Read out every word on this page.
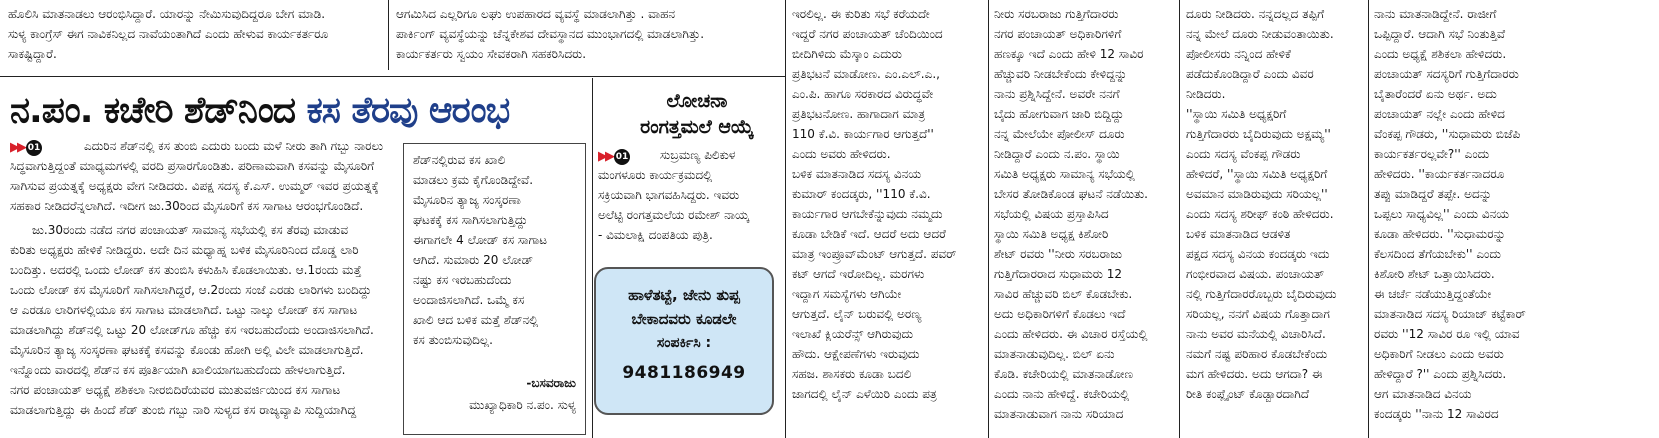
ಹೊಲಿಸಿ ಮಾತನಾಡಲು ಆರಂಭಿಸಿದ್ದಾರೆ. ಯಾರನ್ನು ನೇಮಿಸುವುದಿದ್ದರೂ ಬೇಗ ಮಾಡಿ.
ಸುಳ್ಯ ಕಾಂಗ್ರೆಸ್ ಈಗ ನಾವಿಕನಿಲ್ಲದ ನಾವೆಯಂತಾಗಿದೆ ಎಂದು ಹೇಳುವ ಕಾರ್ಯಕರ್ತರೂ
ಸಾಕಷ್ಟಿದ್ದಾರೆ.

ಆಗಮಿಸಿದ ಎಲ್ಲರಿಗೂ ಲಘು ಉಪಹಾರದ ವ್ಯವಸ್ಥೆ ಮಾಡಲಾಗಿತ್ತು . ವಾಹನ
ಪಾರ್ಕಿಂಗ್ ವ್ಯವಸ್ಥೆಯನ್ನು ಚೆನ್ನಕೇಶವ ದೇವಸ್ಥಾನದ ಮುಂಭಾಗದಲ್ಲಿ ಮಾಡಲಾಗಿತ್ತು.
ಕಾರ್ಯಕರ್ತರು ಸ್ವಯಂ ಸೇವಕರಾಗಿ ಸಹಕರಿಸಿದರು.

ನ.ಪಂ. ಕಚೇರಿ ಶೆಡ್‌ನಿಂದ ಕಸ ತೆರವು ಆರಂಭ
▶▶ 01	ಎದುರಿನ ಶೆಡ್‌ನಲ್ಲಿ ಕಸ ತುಂಬಿ ಎದುರು ಬಂದು ಮಳೆ ನೀರು ತಾಗಿ ಗಬ್ಬು ನಾರಲು
ಸಿದ್ಧವಾಗುತ್ತಿದ್ದಂತೆ ಮಾಧ್ಯಮಗಳಲ್ಲಿ ವರದಿ ಪ್ರಸಾರಗೊಂಡಿತು. ಪರಿಣಾಮವಾಗಿ ಕಸವನ್ನು ಮೈಸೂರಿಗೆ
ಸಾಗಿಸುವ ಪ್ರಯತ್ನಕ್ಕೆ ಅಧ್ಯಕ್ಷರು ವೇಗ ನೀಡಿದರು. ವಿಪಕ್ಷ ಸದಸ್ಯ ಕೆ.ಎಸ್. ಉಮ್ಮರ್ ಇವರ ಪ್ರಯತ್ನಕ್ಕೆ
ಸಹಕಾರ ನೀಡಿದರೆನ್ನಲಾಗಿದೆ. ಇದೀಗ ಜು.30ರಿಂದ ಮೈಸೂರಿಗೆ ಕಸ ಸಾಗಾಟ ಆರಂಭಗೊಂಡಿದೆ.

ಜು.30ರಂದು ನಡೆದ ನಗರ ಪಂಚಾಯತ್ ಸಾಮಾನ್ಯ ಸಭೆಯಲ್ಲಿ ಕಸ ತೆರವು ಮಾಡುವ
ಕುರಿತು ಅಧ್ಯಕ್ಷರು ಹೇಳಿಕೆ ನೀಡಿದ್ದರು. ಅದೇ ದಿನ ಮಧ್ಯಾಹ್ನ ಬಳಿಕ ಮೈಸೂರಿನಿಂದ ದೊಡ್ಡ ಲಾರಿ
ಬಂದಿತ್ತು. ಅದರಲ್ಲಿ ಒಂದು ಲೋಡ್ ಕಸ ತುಂಬಿಸಿ ಕಳುಹಿಸಿ ಕೊಡಲಾಯಿತು. ಆ.1ರಂದು ಮತ್ತೆ
ಒಂದು ಲೋಡ್ ಕಸ ಮೈಸೂರಿಗೆ ಸಾಗಿಸಲಾಗಿದ್ದರೆ, ಆ.2ರಂದು ಸಂಜೆ ಎರಡು ಲಾರಿಗಳು ಬಂದಿದ್ದು
ಆ ಎರಡೂ ಲಾರಿಗಳಲ್ಲಿಯೂ ಕಸ ಸಾಗಾಟ ಮಾಡಲಾಗಿದೆ. ಒಟ್ಟು ನಾಲ್ಕು ಲೋಡ್ ಕಸ ಸಾಗಾಟ
ಮಾಡಲಾಗಿದ್ದು ಶೆಡ್‌ನಲ್ಲಿ ಒಟ್ಟು 20 ಲೋಡ್‌ಗೂ ಹೆಚ್ಚು ಕಸ ಇರಬಹುದೆಂದು ಅಂದಾಜಿಸಲಾಗಿದೆ.
ಮೈಸೂರಿನ ತ್ಯಾಜ್ಯ ಸಂಸ್ಕರಣಾ ಘಟಕಕ್ಕೆ ಕಸವನ್ನು ಕೊಂಡು ಹೋಗಿ ಅಲ್ಲಿ ವಿಲೇ ಮಾಡಲಾಗುತ್ತಿದೆ.
ಇನ್ನೊಂದು ವಾರದಲ್ಲಿ ಶೆಡ್‌ನ ಕಸ ಪೂರ್ತಿಯಾಗಿ ಖಾಲಿಯಾಗಬಹುದೆಂದು ಹೇಳಲಾಗುತ್ತಿದೆ.
ನಗರ ಪಂಚಾಯತ್ ಅಧ್ಯಕ್ಷೆ ಶಶಿಕಲಾ ನೀರಬಿದಿರೆಯವರ ಮುತುವರ್ಜಿಯಿಂದ ಕಸ ಸಾಗಾಟ
ಮಾಡಲಾಗುತ್ತಿದ್ದು ಈ ಹಿಂದೆ ಶೆಡ್ ತುಂಬಿ ಗಬ್ಬು ನಾರಿ ಸುಳ್ಯದ ಕಸ ರಾಜ್ಯವ್ಯಾಪಿ ಸುದ್ದಿಯಾಗಿದ್ದ

ಶೆಡ್‌ನಲ್ಲಿರುವ ಕಸ ಖಾಲಿ
ಮಾಡಲು ಕ್ರಮ ಕೈಗೊಂಡಿದ್ದೇವೆ.
ಮೈಸೂರಿನ ತ್ಯಾಜ್ಯ ಸಂಸ್ಕರಣಾ
ಘಟಕಕ್ಕೆ ಕಸ ಸಾಗಿಸಲಾಗುತ್ತಿದ್ದು
ಈಗಾಗಲೇ 4 ಲೋಡ್ ಕಸ ಸಾಗಾಟ
ಆಗಿದೆ. ಸುಮಾರು 20 ಲೋಡ್
ನಷ್ಟು ಕಸ ಇರಬಹುದೆಂದು
ಅಂದಾಜಿಸಲಾಗಿದೆ. ಒಮ್ಮೆ ಕಸ
ಖಾಲಿ ಆದ ಬಳಿಕ ಮತ್ತೆ ಶೆಡ್‌ನಲ್ಲಿ
ಕಸ ತುಂಬಿಸುವುದಿಲ್ಲ.

-ಬಸವರಾಜು
ಮುಖ್ಯಾಧಿಕಾರಿ ನ.ಪಂ. ಸುಳ್ಯ
ಲೋಚನಾ
ರಂಗತ್ತಮಲೆ ಆಯ್ಕೆ
▶▶ 01	ಸುಬ್ರಮಣ್ಯ ಪಿಲಿಕುಳ

ಮಂಗಳೂರು ಕಾರ್ಯಕ್ರಮದಲ್ಲಿ
ಸಕ್ರಿಯವಾಗಿ ಭಾಗವಹಿಸಿದ್ದರು. ಇವರು
ಅಲೆಟ್ಟಿ ರಂಗತ್ತಮಲೆಯ ರಮೇಶ್ ನಾಯ್ಕ
- ವಿಮಲಾಕ್ಷಿ ದಂಪತಿಯ ಪುತ್ರಿ.

ಹಾಳೆತಟ್ಟೆ, ಜೇನು ತುಪ್ಪ
ಬೇಕಾದವರು ಕೂಡಲೇ
ಸಂಪರ್ಕಿಸಿ :
9481186949

ಇರಲಿಲ್ಲ. ಈ ಕುರಿತು ಸಭೆ ಕರೆಯದೇ
ಇದ್ದರೆ ನಗರ ಪಂಚಾಯತ್ ಚೆಂದಿಯಿಂದ
ಬೀದಿಗಿಳಿದು ಮೆಸ್ಕಾಂ ಎದುರು
ಪ್ರತಿಭಟನೆ ಮಾಡೋಣ. ಎಂ.ಎಲ್.ಎ.,
ಎಂ.ಪಿ. ಹಾಗೂ ಸರಕಾರದ ವಿರುದ್ಧವೇ
ಪ್ರತಿಭಟನೋಣ. ಹಾಗಾದಾಗ ಮಾತ್ರ
110 ಕೆ.ವಿ. ಕಾರ್ಯಗಾರ ಆಗುತ್ತದೆ''
ಎಂದು ಅವರು ಹೇಳಿದರು.
ಬಳಿಕ ಮಾತನಾಡಿದ ಸದಸ್ಯ ವಿನಯ
ಕುಮಾರ್ ಕಂದಡ್ಕರು, ''110 ಕೆ.ವಿ.
ಕಾರ್ಯಗಾರ ಆಗಬೇಕೆನ್ನುವುದು ನಮ್ಮದು
ಕೂಡಾ ಬೇಡಿಕೆ ಇದೆ. ಆದರೆ ಅದು ಆದರೆ
ಮಾತ್ರ ಇಂಪ್ರೂವ್‌ಮೆಂಟ್ ಆಗುತ್ತದೆ. ಪವರ್
ಕಟ್ ಆಗದೆ ಇರೋದಿಲ್ಲ. ಮರಗಳು
ಇದ್ದಾಗ ಸಮಸ್ಯೆಗಳು ಆಗಿಯೇ
ಆಗುತ್ತದೆ. ಲೈನ್ ಬರುವಲ್ಲಿ ಅರಣ್ಯ
ಇಲಾಖೆ ಕ್ಲಿಯರೆನ್ಸ್ ಆಗಿರುವುದು
ಹೌದು. ಆಕ್ಷೇಪಣೆಗಳು ಇರುವುದು
ಸಹಜ. ಶಾಸಕರು ಕೂಡಾ ಬದಲಿ
ಜಾಗದಲ್ಲಿ ಲೈನ್ ಎಳೆಯಿರಿ ಎಂದು ಪತ್ರ

ನೀರು ಸರಬರಾಜು ಗುತ್ತಿಗೆದಾರರು
ನಗರ ಪಂಚಾಯತ್ ಅಧಿಕಾರಿಗಳಿಗೆ
ಹಣಕ್ಕೂ ಇದೆ ಎಂದು ಹೇಳಿ 12 ಸಾವಿರ
ಹೆಚ್ಚುವರಿ ನೀಡಬೇಕೆಂದು ಕೇಳಿದ್ದನ್ನು
ನಾನು ಪ್ರಶ್ನಿಸಿದ್ದೇನೆ. ಅವರೇ ನನಗೆ
ಬೈದು ಹೋಗುವಾಗ ಜಾರಿ ಬಿದ್ದಿದ್ದು
ನನ್ನ ಮೇಲೆಯೇ ಪೋಲೀಸ್ ದೂರು
ನೀಡಿದ್ದಾರೆ ಎಂದು ನ.ಪಂ. ಸ್ಥಾಯಿ
ಸಮಿತಿ ಅಧ್ಯಕ್ಷರು ಸಾಮಾನ್ಯ ಸಭೆಯಲ್ಲಿ
ಬೇಸರ ತೋಡಿಕೊಂಡ ಘಟನೆ ನಡೆಯಿತು.
ಸಭೆಯಲ್ಲಿ ವಿಷಯ ಪ್ರಸ್ತಾಪಿಸಿದ
ಸ್ಥಾಯಿ ಸಮಿತಿ ಅಧ್ಯಕ್ಷ ಕಿಶೋರಿ
ಶೇಟ್ ರವರು ''ನೀರು ಸರಬರಾಜು
ಗುತ್ತಿಗೆದಾರರಾದ ಸುಧಾಮರು 12
ಸಾವಿರ ಹೆಚ್ಚುವರಿ ಬಿಲ್ ಕೊಡಬೇಕು.
ಅದು ಅಧಿಕಾರಿಗಳಿಗೆ ಕೊಡಲು ಇದೆ
ಎಂದು ಹೇಳಿದರು. ಈ ವಿಚಾರ ರಸ್ತೆಯಲ್ಲಿ
ಮಾತನಾಡುವುದಿಲ್ಲ. ಬಿಲ್ ಏನು
ಕೊಡಿ. ಕಚೇರಿಯಲ್ಲಿ ಮಾತನಾಡೋಣ
ಎಂದು ನಾನು ಹೇಳಿದ್ದೆ. ಕಚೇರಿಯಲ್ಲಿ
ಮಾತನಾಡುವಾಗ ನಾನು ಸರಿಯಾದ

ದೂರು ನೀಡಿದರು. ನನ್ನದಲ್ಲದ ತಪ್ಪಿಗೆ
ನನ್ನ ಮೇಲೆ ದೂರು ನೀಡುವಂತಾಯಿತು.
ಪೋಲೀಸರು ನನ್ನಿಂದ ಹೇಳಿಕೆ
ಪಡೆದುಕೊಂಡಿದ್ದಾರೆ ಎಂದು ವಿವರ
ನೀಡಿದರು.
''ಸ್ಥಾಯಿ ಸಮಿತಿ ಅಧ್ಯಕ್ಷರಿಗೆ
ಗುತ್ತಿಗೆದಾರರು ಬೈದಿರುವುದು ಅಕ್ಷಮ್ಯ''
ಎಂದು ಸದಸ್ಯ ವೆಂಕಪ್ಪ ಗೌಡರು
ಹೇಳಿದರೆ, ''ಸ್ಥಾಯಿ ಸಮಿತಿ ಅಧ್ಯಕ್ಷರಿಗೆ
ಅವಮಾನ ಮಾಡಿರುವುದು ಸರಿಯಲ್ಲ''
ಎಂದು ಸದಸ್ಯ ಶರೀಫ್ ಕಂಠಿ ಹೇಳಿದರು.
ಬಳಿಕ ಮಾತನಾಡಿದ ಆಡಳಿತ
ಪಕ್ಷದ ಸದಸ್ಯ ವಿನಯ ಕಂದಡ್ಕರು ಇದು
ಗಂಭೀರವಾದ ವಿಷಯ. ಪಂಚಾಯತ್
ನಲ್ಲಿ ಗುತ್ತಿಗೆದಾರರೊಬ್ಬರು ಬೈದಿರುವುದು
ಸರಿಯಲ್ಲ, ನನಗೆ ವಿಷಯ ಗೊತ್ತಾದಾಗ
ನಾನು ಅವರ ಮನೆಯಲ್ಲಿ ವಿಚಾರಿಸಿದೆ.
ನಮಗೆ ನಷ್ಟ ಪರಿಹಾರ ಕೊಡಬೇಕೆಂದು
ಮಗ ಹೇಳಿದರು. ಅದು ಆಗದಾ? ಈ
ರೀತಿ ಕಂಪ್ಲೈಂಟ್ ಕೊಡ್ಬಾರದಾಗಿದೆ

ನಾನು ಮಾತನಾಡಿದ್ದೇನೆ. ರಾಜೀಗೆ
ಒಪ್ಪಿದ್ದಾರೆ. ಆದಾಗಿ ಸಭೆ ನಿಂತುತ್ತಿವೆ
ಎಂದು ಅಧ್ಯಕ್ಷೆ ಶಶಿಕಲಾ ಹೇಳಿದರು.
ಪಂಚಾಯತ್ ಸದಸ್ಯರಿಗೆ ಗುತ್ತಿಗೆದಾರರು
ಬೈತಾರೆಂದರೆ ಏನು ಅರ್ಥ. ಅದು
ಪಂಚಾಯತ್ ನಲ್ಲೇ ಎಂದು ಹೇಳಿದ
ವೆಂಕಪ್ಪ ಗೌಡರು, ''ಸುಧಾಮರು ಬಿಜೆಪಿ
ಕಾರ್ಯಕರ್ತರಲ್ಲವೇ?'' ಎಂದು
ಹೇಳಿದರು. ''ಕಾರ್ಯಕರ್ತನಾದರೂ
ತಪ್ಪು ಮಾಡಿದ್ದರೆ ತಪ್ಪೇ. ಅದನ್ನು
ಒಪ್ಪಲು ಸಾಧ್ಯವಿಲ್ಲ'' ಎಂದು ವಿನಯ
ಕೂಡಾ ಹೇಳಿದರು. ''ಸುಧಾಮರನ್ನು
ಕೆಲಸದಿಂದ ತೆಗೆಯಬೇಕು'' ಎಂದು
ಕಿಶೋರಿ ಶೇಟ್ ಒತ್ತಾಯಿಸಿದರು.
ಈ ಚರ್ಚೆ ನಡೆಯುತ್ತಿದ್ದಂತೆಯೇ
ಮಾತನಾಡಿದ ಸದಸ್ಯ ರಿಯಾಜ್ ಕಟ್ಟೆಕಾರ್
ರವರು ''12 ಸಾವಿರ ರೂ ಇಲ್ಲಿ ಯಾವ
ಅಧಿಕಾರಿಗೆ ನೀಡಲು ಎಂದು ಅವರು
ಹೇಳಿದ್ದಾರೆ ?'' ಎಂದು ಪ್ರಶ್ನಿಸಿದರು.
ಆಗ ಮಾತನಾಡಿದ ವಿನಯ
ಕಂದಡ್ಕರು ''ನಾನು 12 ಸಾವಿರದ
